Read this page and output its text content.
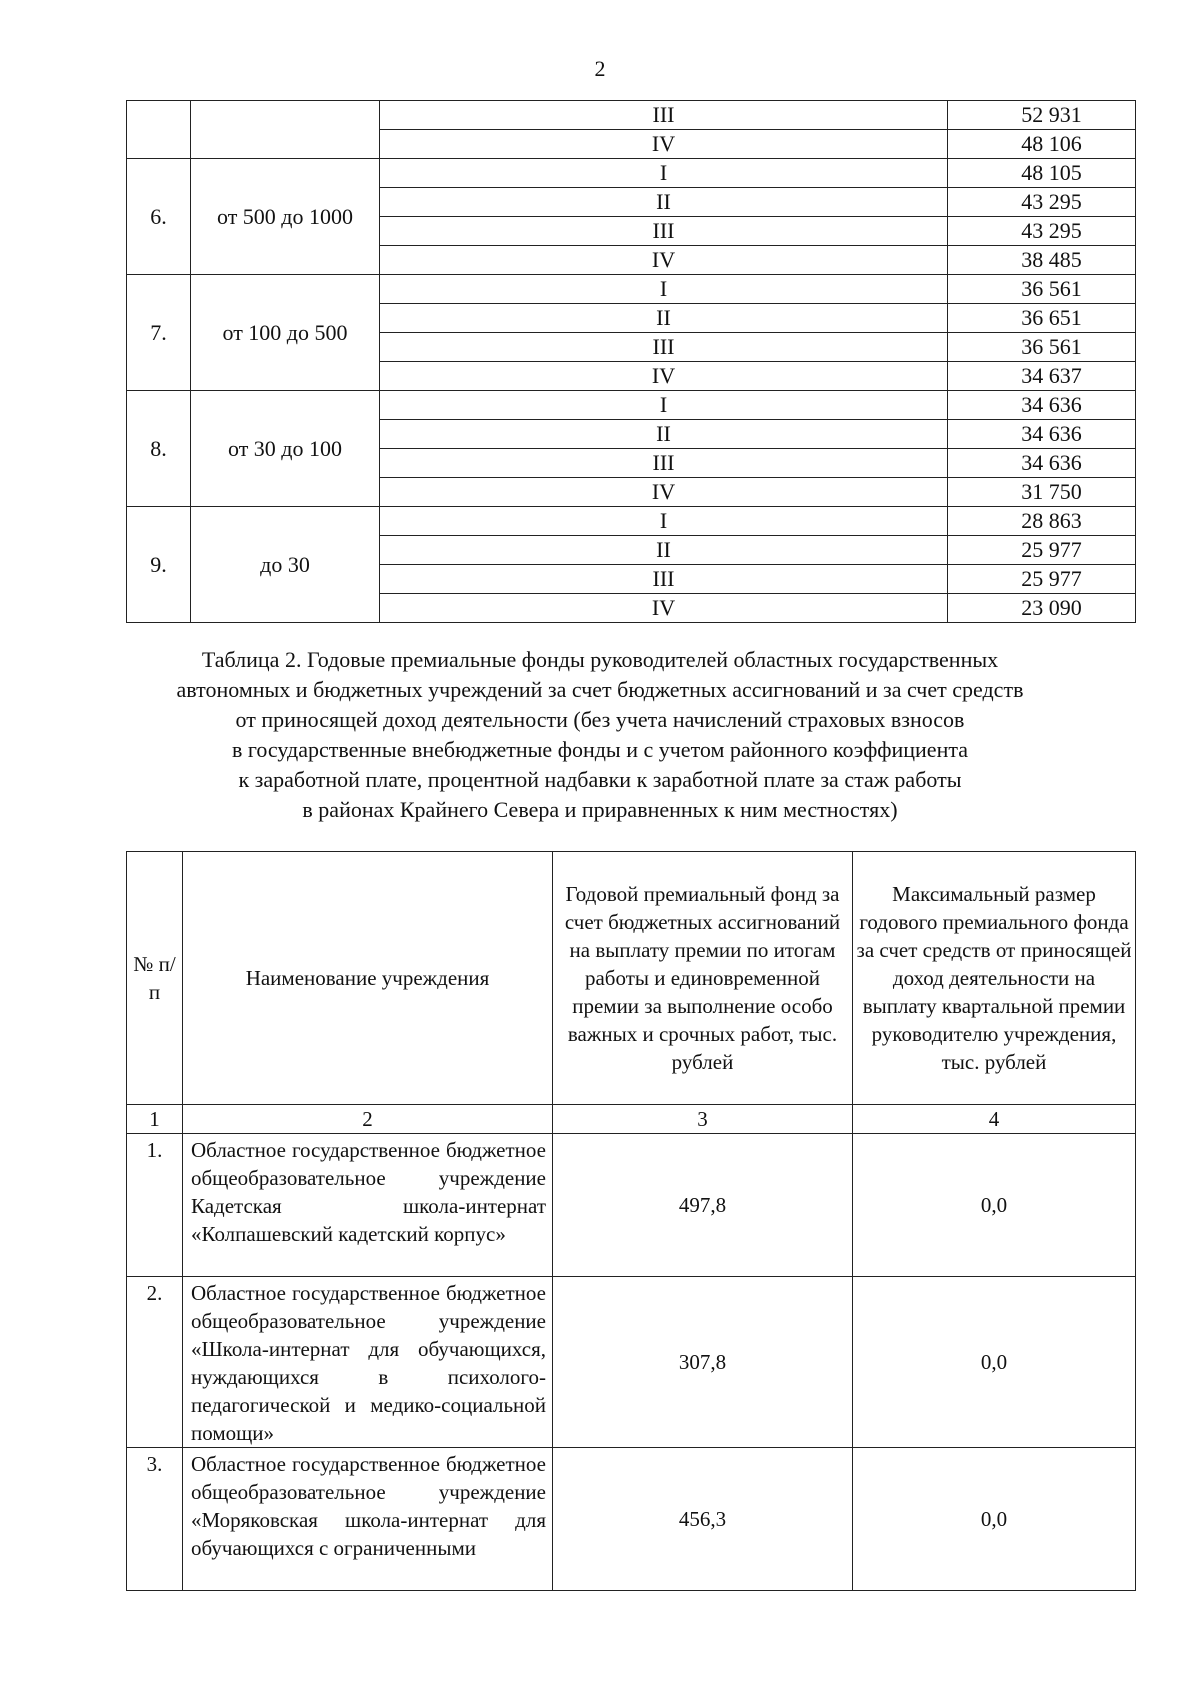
2
		III	52 931
		IV	48 106
6.	от 500 до 1000	I	48 105
		II	43 295
		III	43 295
		IV	38 485
7.	от 100 до 500	I	36 561
		II	36 651
		III	36 561
		IV	34 637
8.	от 30 до 100	I	34 636
		II	34 636
		III	34 636
		IV	31 750
9.	до 30	I	28 863
		II	25 977
		III	25 977
		IV	23 090
Таблица 2. Годовые премиальные фонды руководителей областных государственных
автономных и бюджетных учреждений за счет бюджетных ассигнований и за счет средств
от приносящей доход деятельности (без учета начислений страховых взносов
в государственные внебюджетные фонды и с учетом районного коэффициента
к заработной плате, процентной надбавки к заработной плате за стаж работы
в районах Крайнего Севера и приравненных к ним местностях)
№ п/п	Наименование учреждения	Годовой премиальный фонд за счет бюджетных ассигнований на выплату премии по итогам работы и единовременной премии за выполнение особо важных и срочных работ, тыс. рублей	Максимальный размер годового премиального фонда за счет средств от приносящей доход деятельности на выплату квартальной премии руководителю учреждения, тыс. рублей
1	2	3	4
1.	Областное государственное бюджетное общеобразовательное учреждение Кадетская школа-интернат «Колпашевский кадетский корпус»	497,8	0,0
2.	Областное государственное бюджетное общеобразовательное учреждение «Школа-интернат для обучающихся, нуждающихся в психолого-педагогической и медико-социальной помощи»	307,8	0,0
3.	Областное государственное бюджетное общеобразовательное учреждение «Моряковская школа-интернат для обучающихся с ограниченными	456,3	0,0
